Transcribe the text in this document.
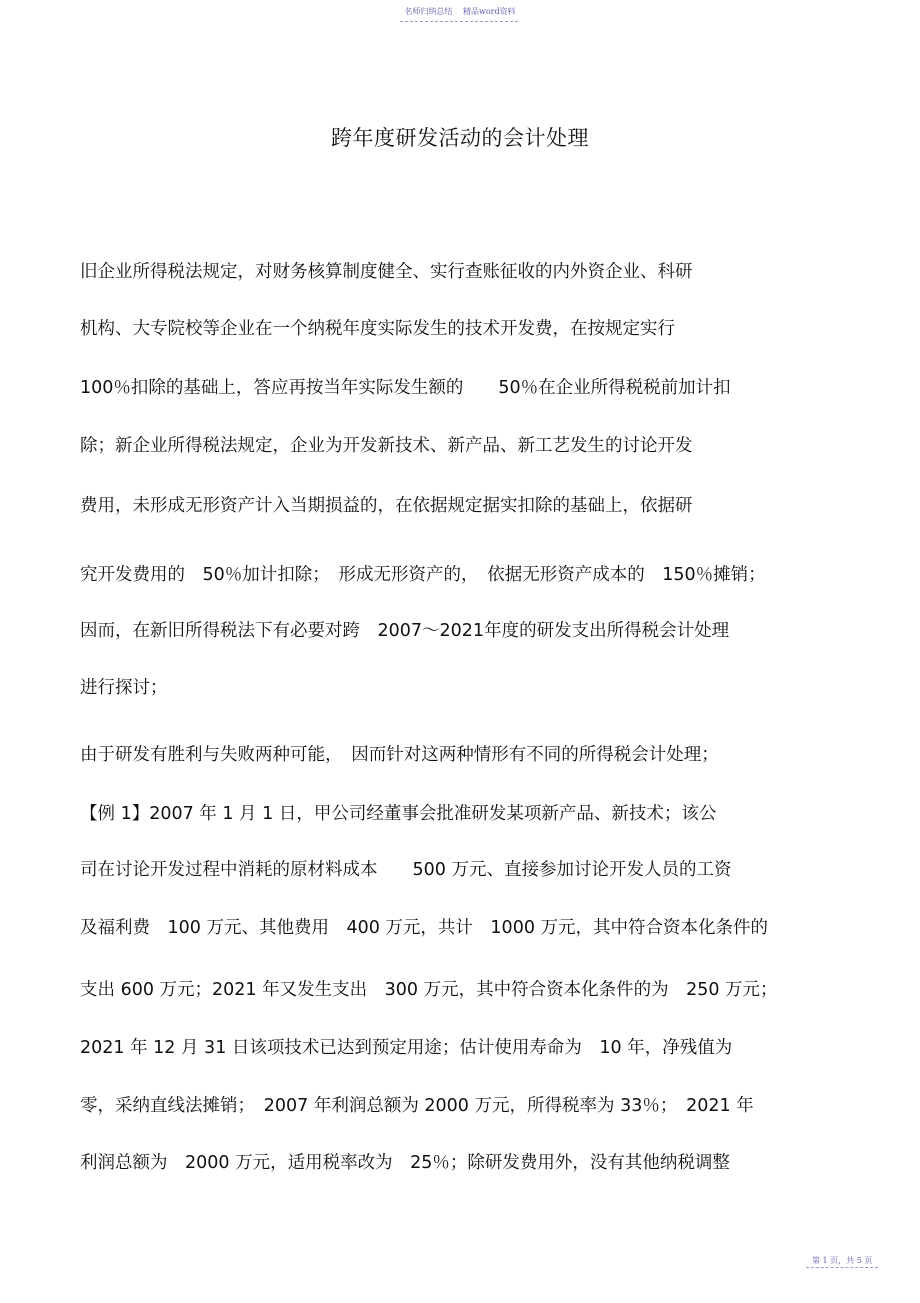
名师归纳总结 精品word资料
跨年度研发活动的会计处理
旧企业所得税法规定，对财务核算制度健全、实行查账征收的内外资企业、科研
机构、大专院校等企业在一个纳税年度实际发生的技术开发费，在按规定实行
100％扣除的基础上，答应再按当年实际发生额的　　50％在企业所得税税前加计扣
除；新企业所得税法规定，企业为开发新技术、新产品、新工艺发生的讨论开发
费用，未形成无形资产计入当期损益的，在依据规定据实扣除的基础上，依据研
究开发费用的　50％加计扣除；　形成无形资产的，　依据无形资产成本的　150％摊销；
因而，在新旧所得税法下有必要对跨　2007～2021年度的研发支出所得税会计处理
进行探讨；
由于研发有胜利与失败两种可能，　因而针对这两种情形有不同的所得税会计处理；
【例 1】2007 年 1 月 1 日，甲公司经董事会批准研发某项新产品、新技术；该公
司在讨论开发过程中消耗的原材料成本　　500 万元、直接参加讨论开发人员的工资
及福利费　100 万元、其他费用　400 万元，共计　1000 万元，其中符合资本化条件的
支出 600 万元；2021 年又发生支出　300 万元，其中符合资本化条件的为　250 万元；
2021 年 12 月 31 日该项技术已达到预定用途；估计使用寿命为　10 年，净残值为
零，采纳直线法摊销；　2007 年利润总额为 2000 万元，所得税率为 33％；　2021 年
利润总额为　2000 万元，适用税率改为　25％；除研发费用外，没有其他纳税调整
第 1 页，共 5 页
